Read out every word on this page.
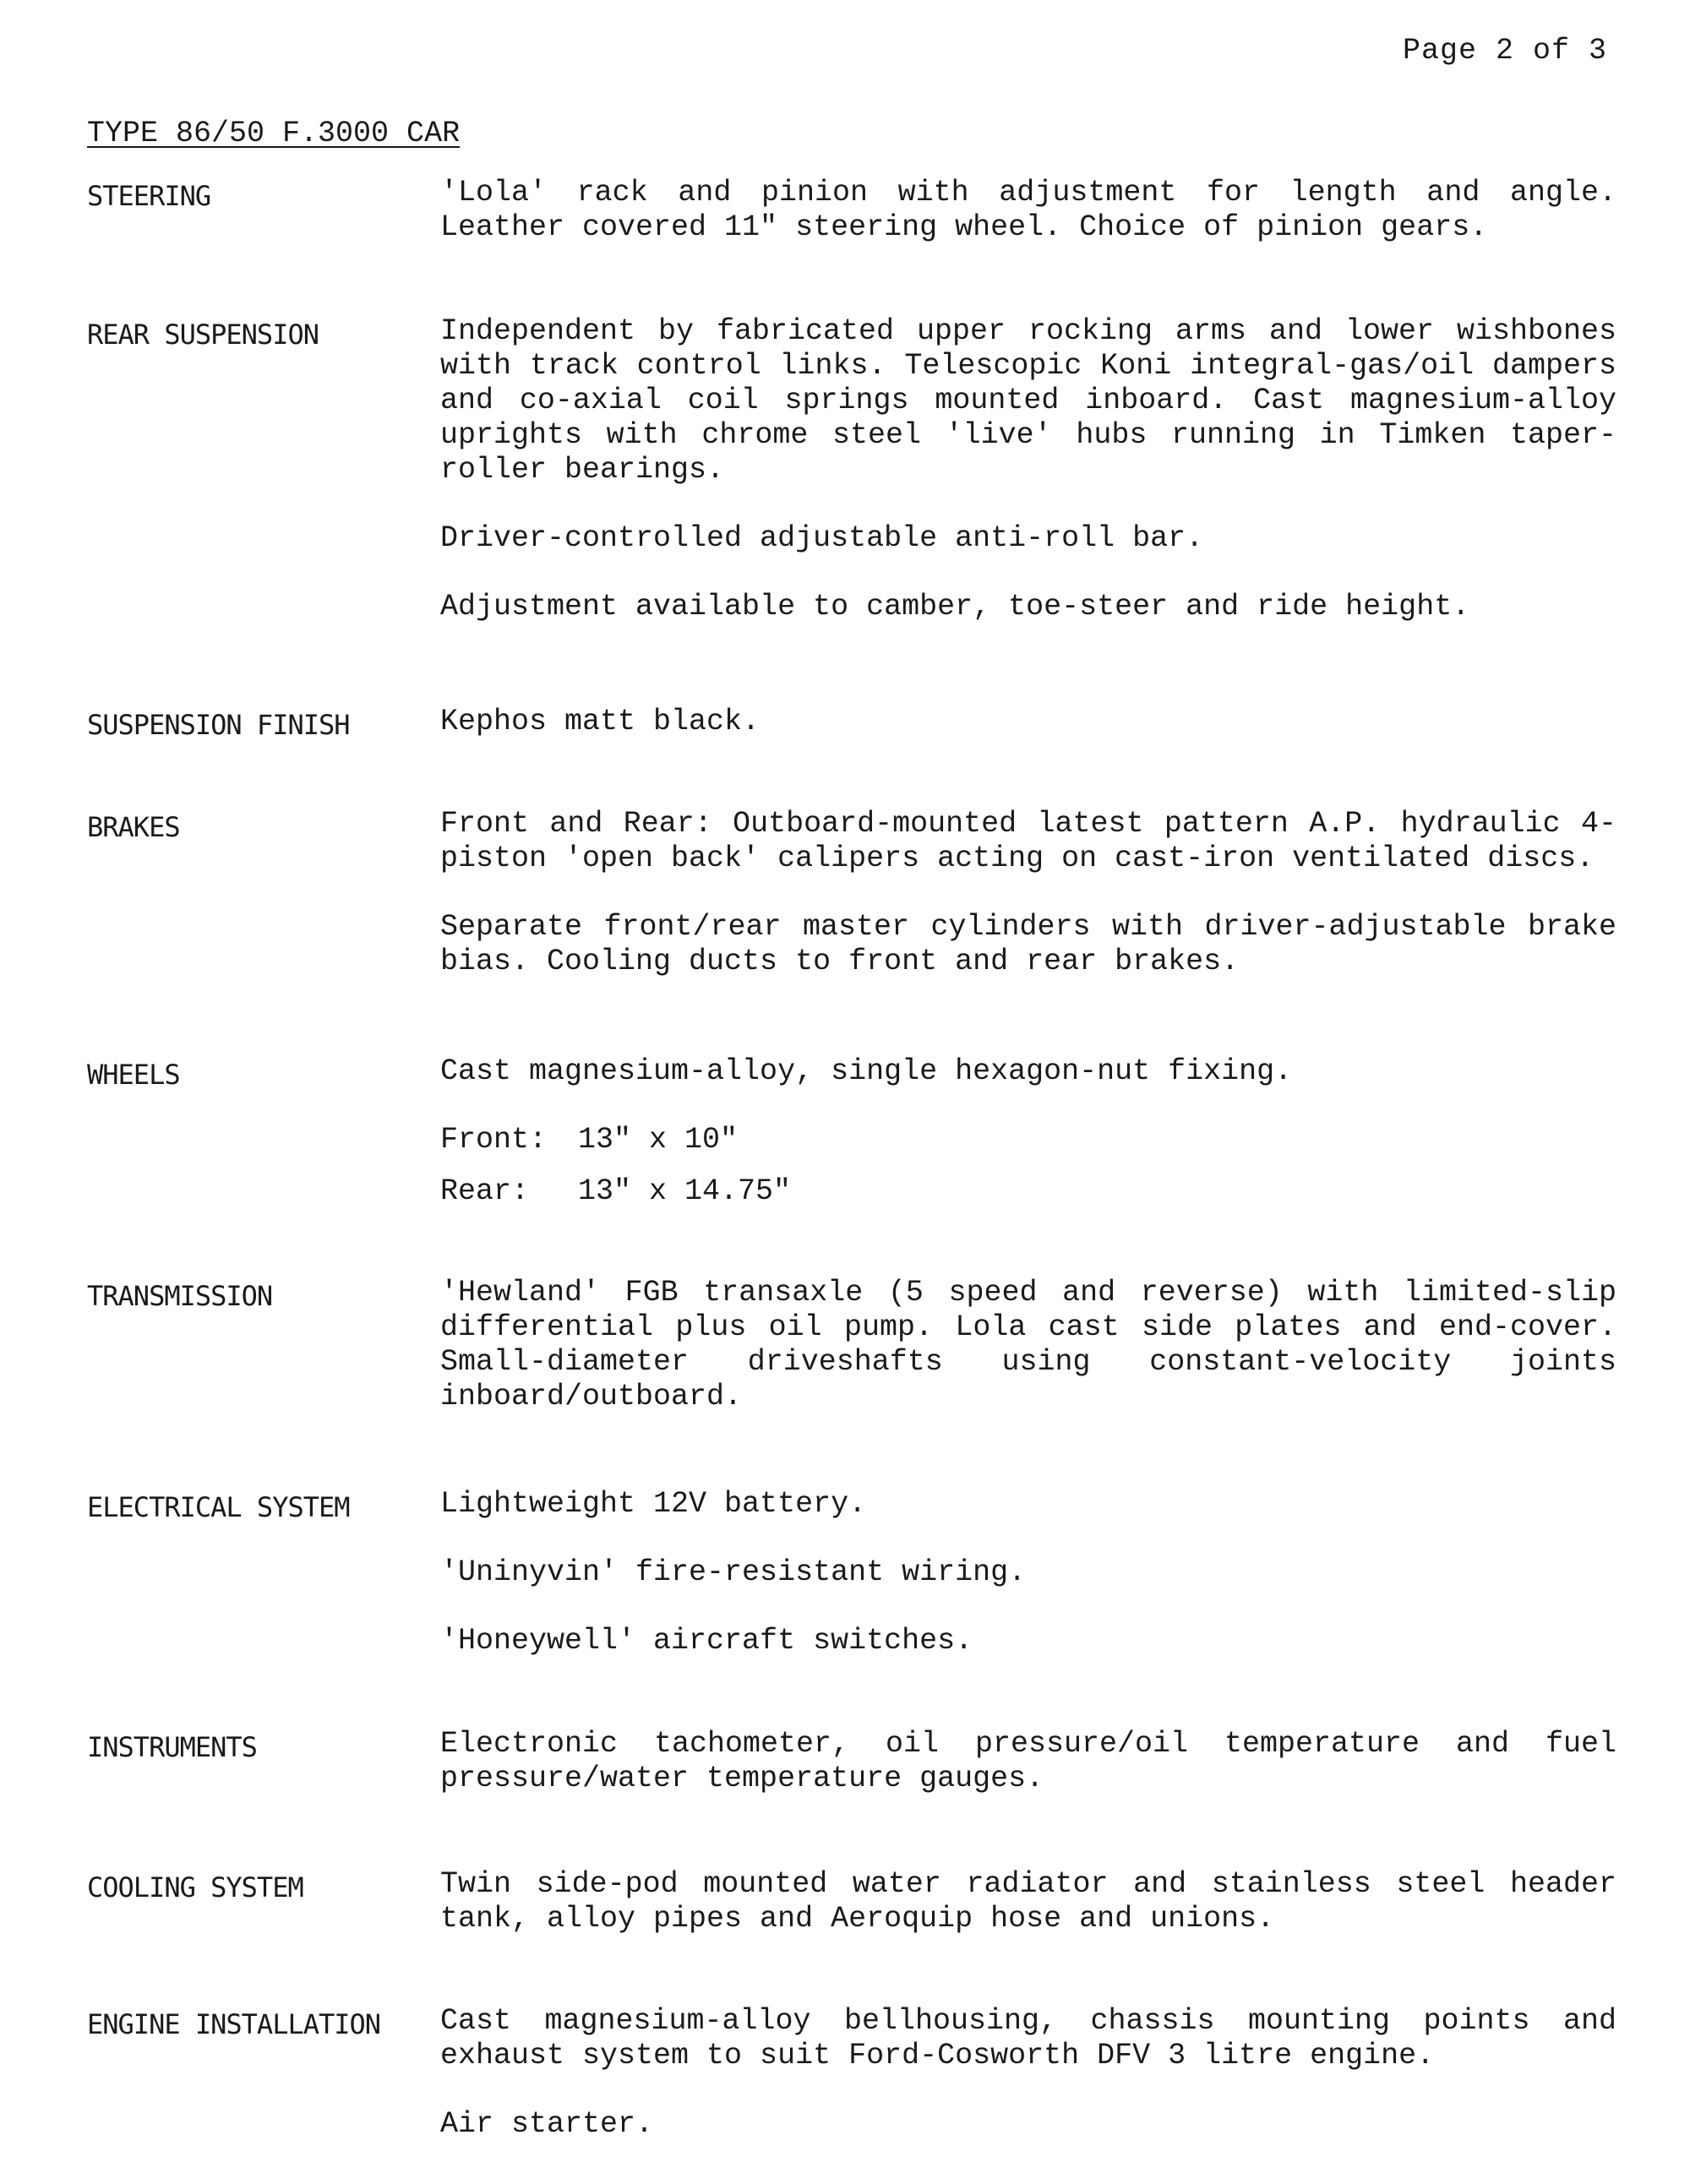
Page 2 of 3
TYPE 86/50 F.3000 CAR
STEERING	'Lola' rack and pinion with adjustment for length and angle. Leather covered 11" steering wheel. Choice of pinion gears.

REAR SUSPENSION	Independent by fabricated upper rocking arms and lower wishbones with track control links. Telescopic Koni integral-gas/oil dampers and co-axial coil springs mounted inboard. Cast magnesium-alloy uprights with chrome steel 'live' hubs running in Timken taper-roller bearings.

Driver-controlled adjustable anti-roll bar.

Adjustment available to camber, toe-steer and ride height.

SUSPENSION FINISH	Kephos matt black.

BRAKES	Front and Rear: Outboard-mounted latest pattern A.P. hydraulic 4-piston 'open back' calipers acting on cast-iron ventilated discs.

Separate front/rear master cylinders with driver-adjustable brake bias. Cooling ducts to front and rear brakes.

WHEELS	Cast magnesium-alloy, single hexagon-nut fixing.

Front:	13" x 10"
Rear:	13" x 14.75"
TRANSMISSION	'Hewland' FGB transaxle (5 speed and reverse) with limited-slip differential plus oil pump. Lola cast side plates and end-cover. Small-diameter driveshafts using constant-velocity joints inboard/outboard.

ELECTRICAL SYSTEM	Lightweight 12V battery.

'Uninyvin' fire-resistant wiring.

'Honeywell' aircraft switches.

INSTRUMENTS	Electronic tachometer, oil pressure/oil temperature and fuel pressure/water temperature gauges.

COOLING SYSTEM	Twin side-pod mounted water radiator and stainless steel header tank, alloy pipes and Aeroquip hose and unions.

ENGINE INSTALLATION	Cast magnesium-alloy bellhousing, chassis mounting points and exhaust system to suit Ford-Cosworth DFV 3 litre engine.

Air starter.
